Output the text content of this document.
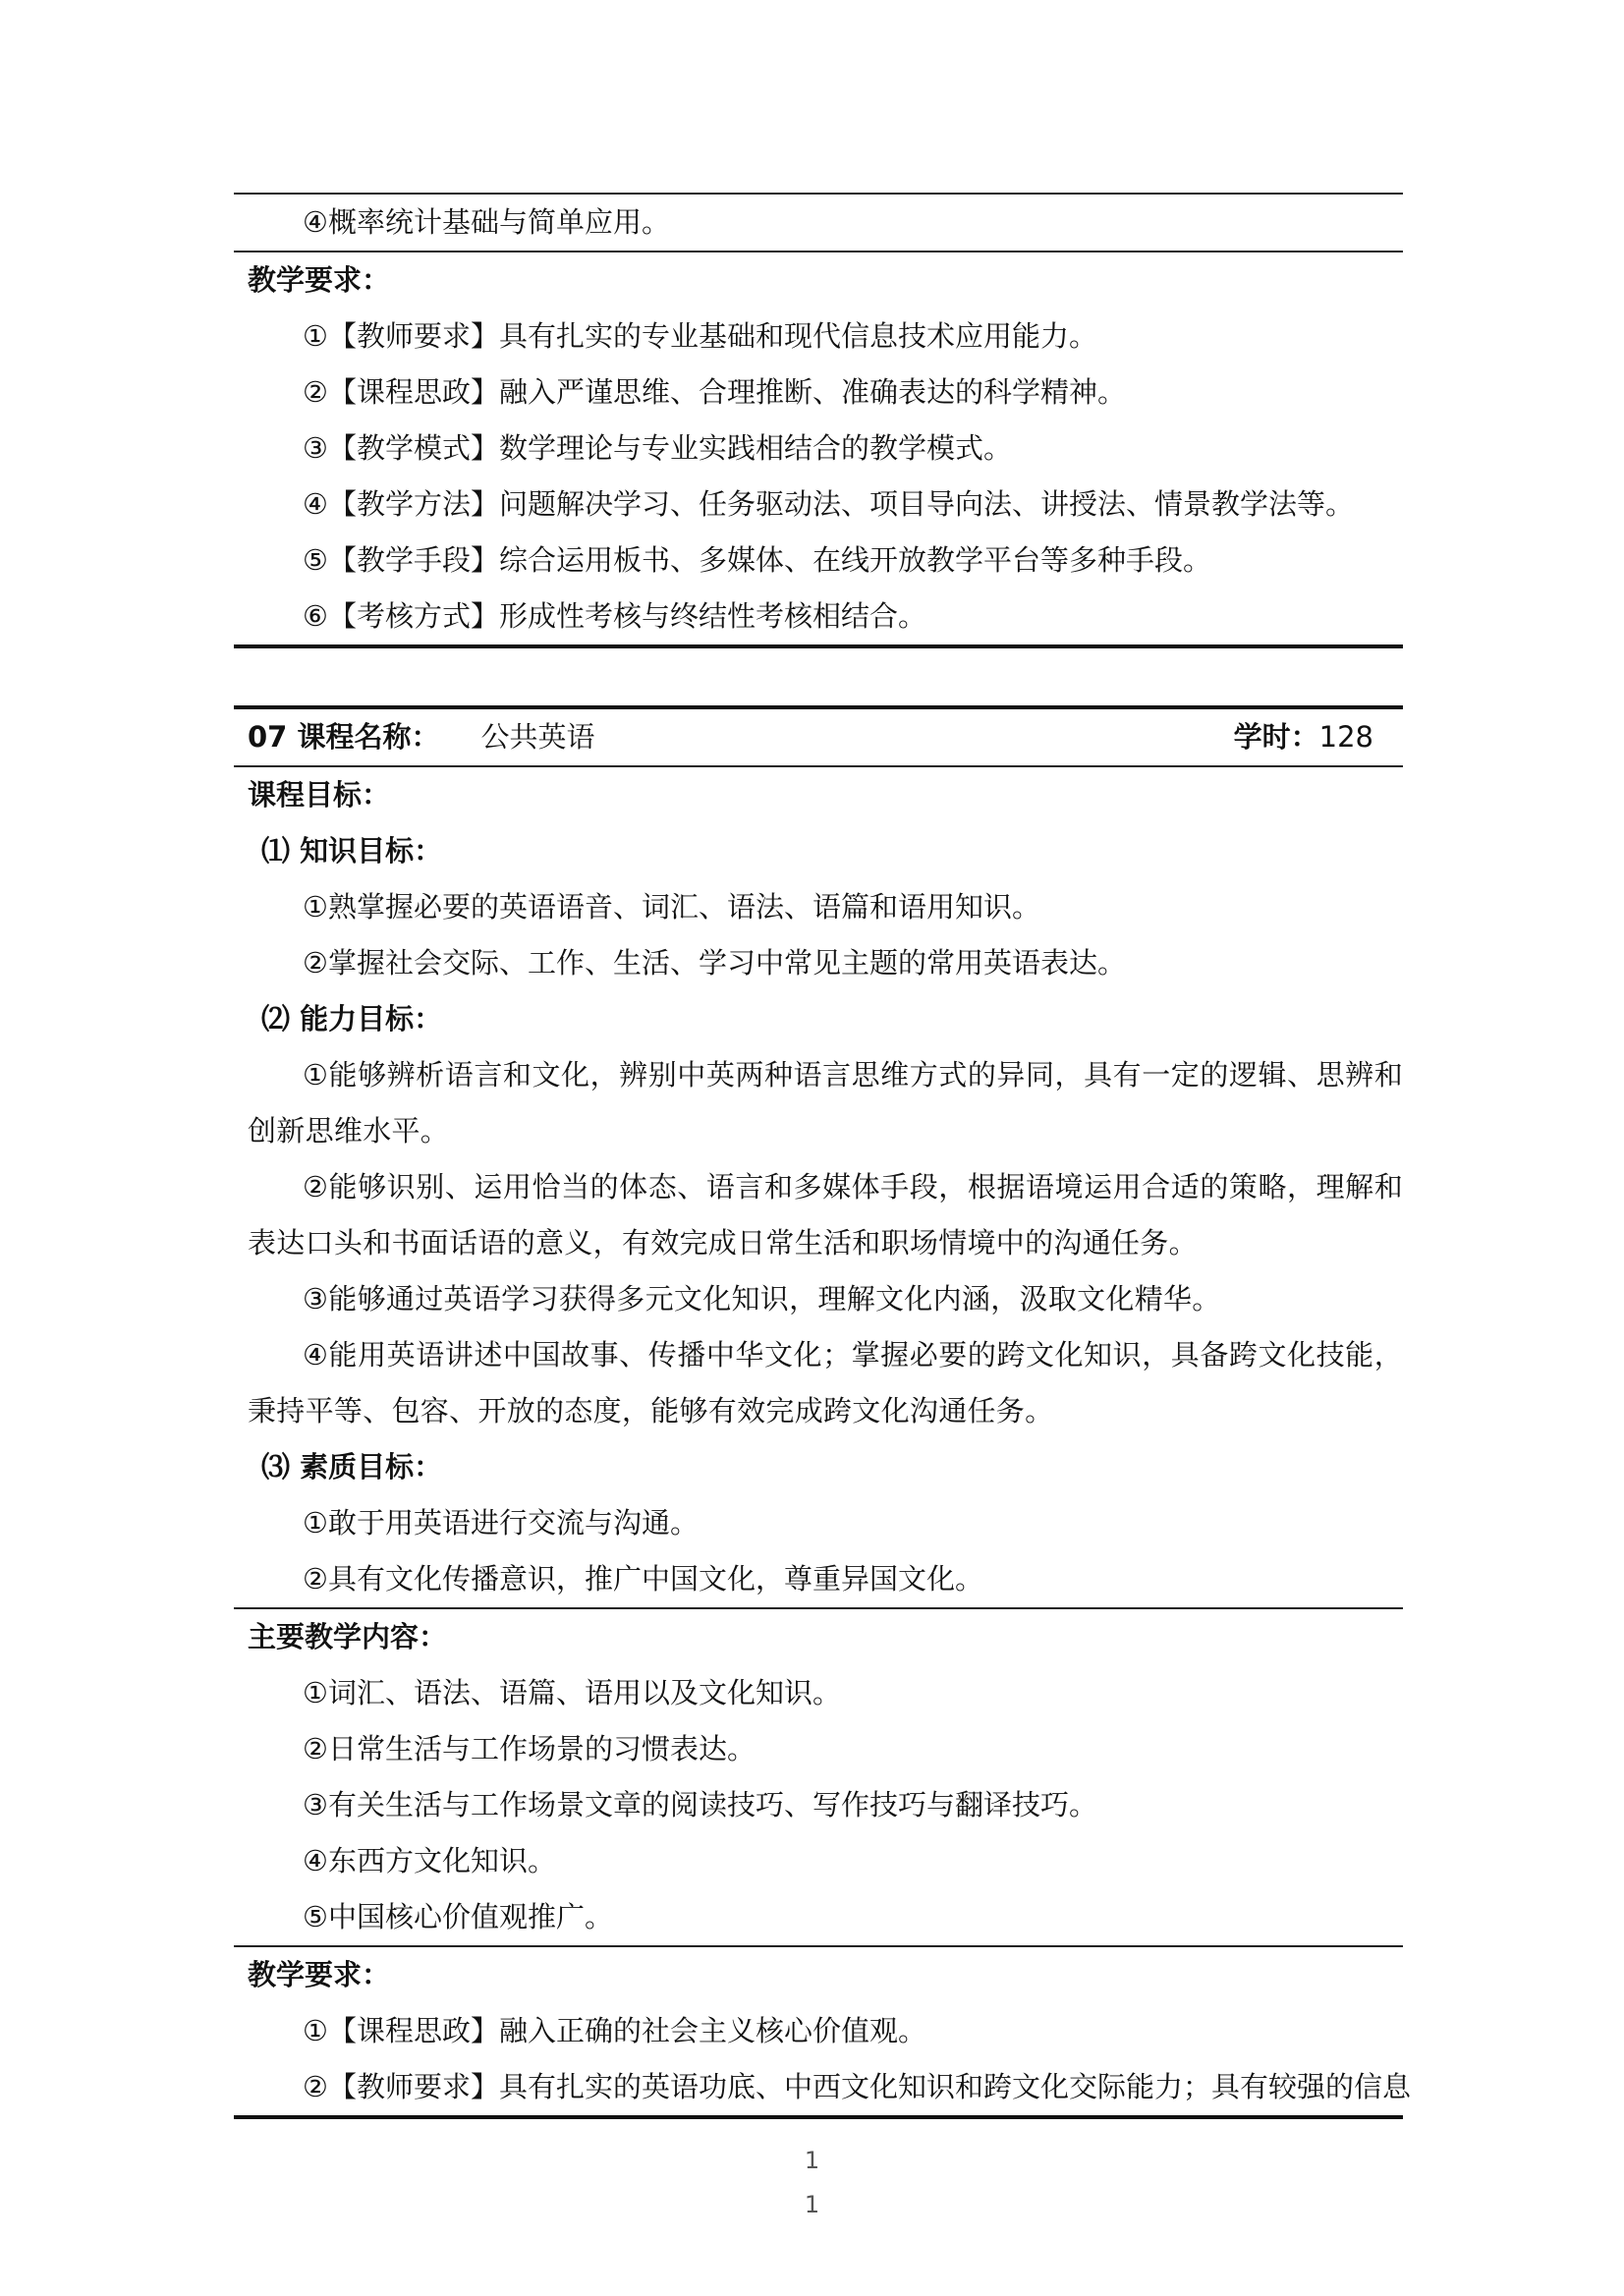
④概率统计基础与简单应用。
教学要求：
①【教师要求】具有扎实的专业基础和现代信息技术应用能力。
②【课程思政】融入严谨思维、合理推断、准确表达的科学精神。
③【教学模式】数学理论与专业实践相结合的教学模式。
④【教学方法】问题解决学习、任务驱动法、项目导向法、讲授法、情景教学法等。
⑤【教学手段】综合运用板书、多媒体、在线开放教学平台等多种手段。
⑥【考核方式】形成性考核与终结性考核相结合。
07 课程名称： 公共英语	学时： 128
课程目标：
⑴ 知识目标：
①熟掌握必要的英语语音、词汇、语法、语篇和语用知识。
②掌握社会交际、工作、生活、学习中常见主题的常用英语表达。
⑵ 能力目标：
①能够辨析语言和文化，辨别中英两种语言思维方式的异同，具有一定的逻辑、思辨和创新思维水平。
②能够识别、运用恰当的体态、语言和多媒体手段，根据语境运用合适的策略，理解和表达口头和书面话语的意义，有效完成日常生活和职场情境中的沟通任务。
③能够通过英语学习获得多元文化知识，理解文化内涵，汲取文化精华。
④能用英语讲述中国故事、传播中华文化；掌握必要的跨文化知识，具备跨文化技能，秉持平等、包容、开放的态度，能够有效完成跨文化沟通任务。
⑶ 素质目标：
①敢于用英语进行交流与沟通。
②具有文化传播意识，推广中国文化，尊重异国文化。
主要教学内容：
①词汇、语法、语篇、语用以及文化知识。
②日常生活与工作场景的习惯表达。
③有关生活与工作场景文章的阅读技巧、写作技巧与翻译技巧。
④东西方文化知识。
⑤中国核心价值观推广。
教学要求：
①【课程思政】融入正确的社会主义核心价值观。
②【教师要求】具有扎实的英语功底、中西文化知识和跨文化交际能力；具有较强的信息
1
1
